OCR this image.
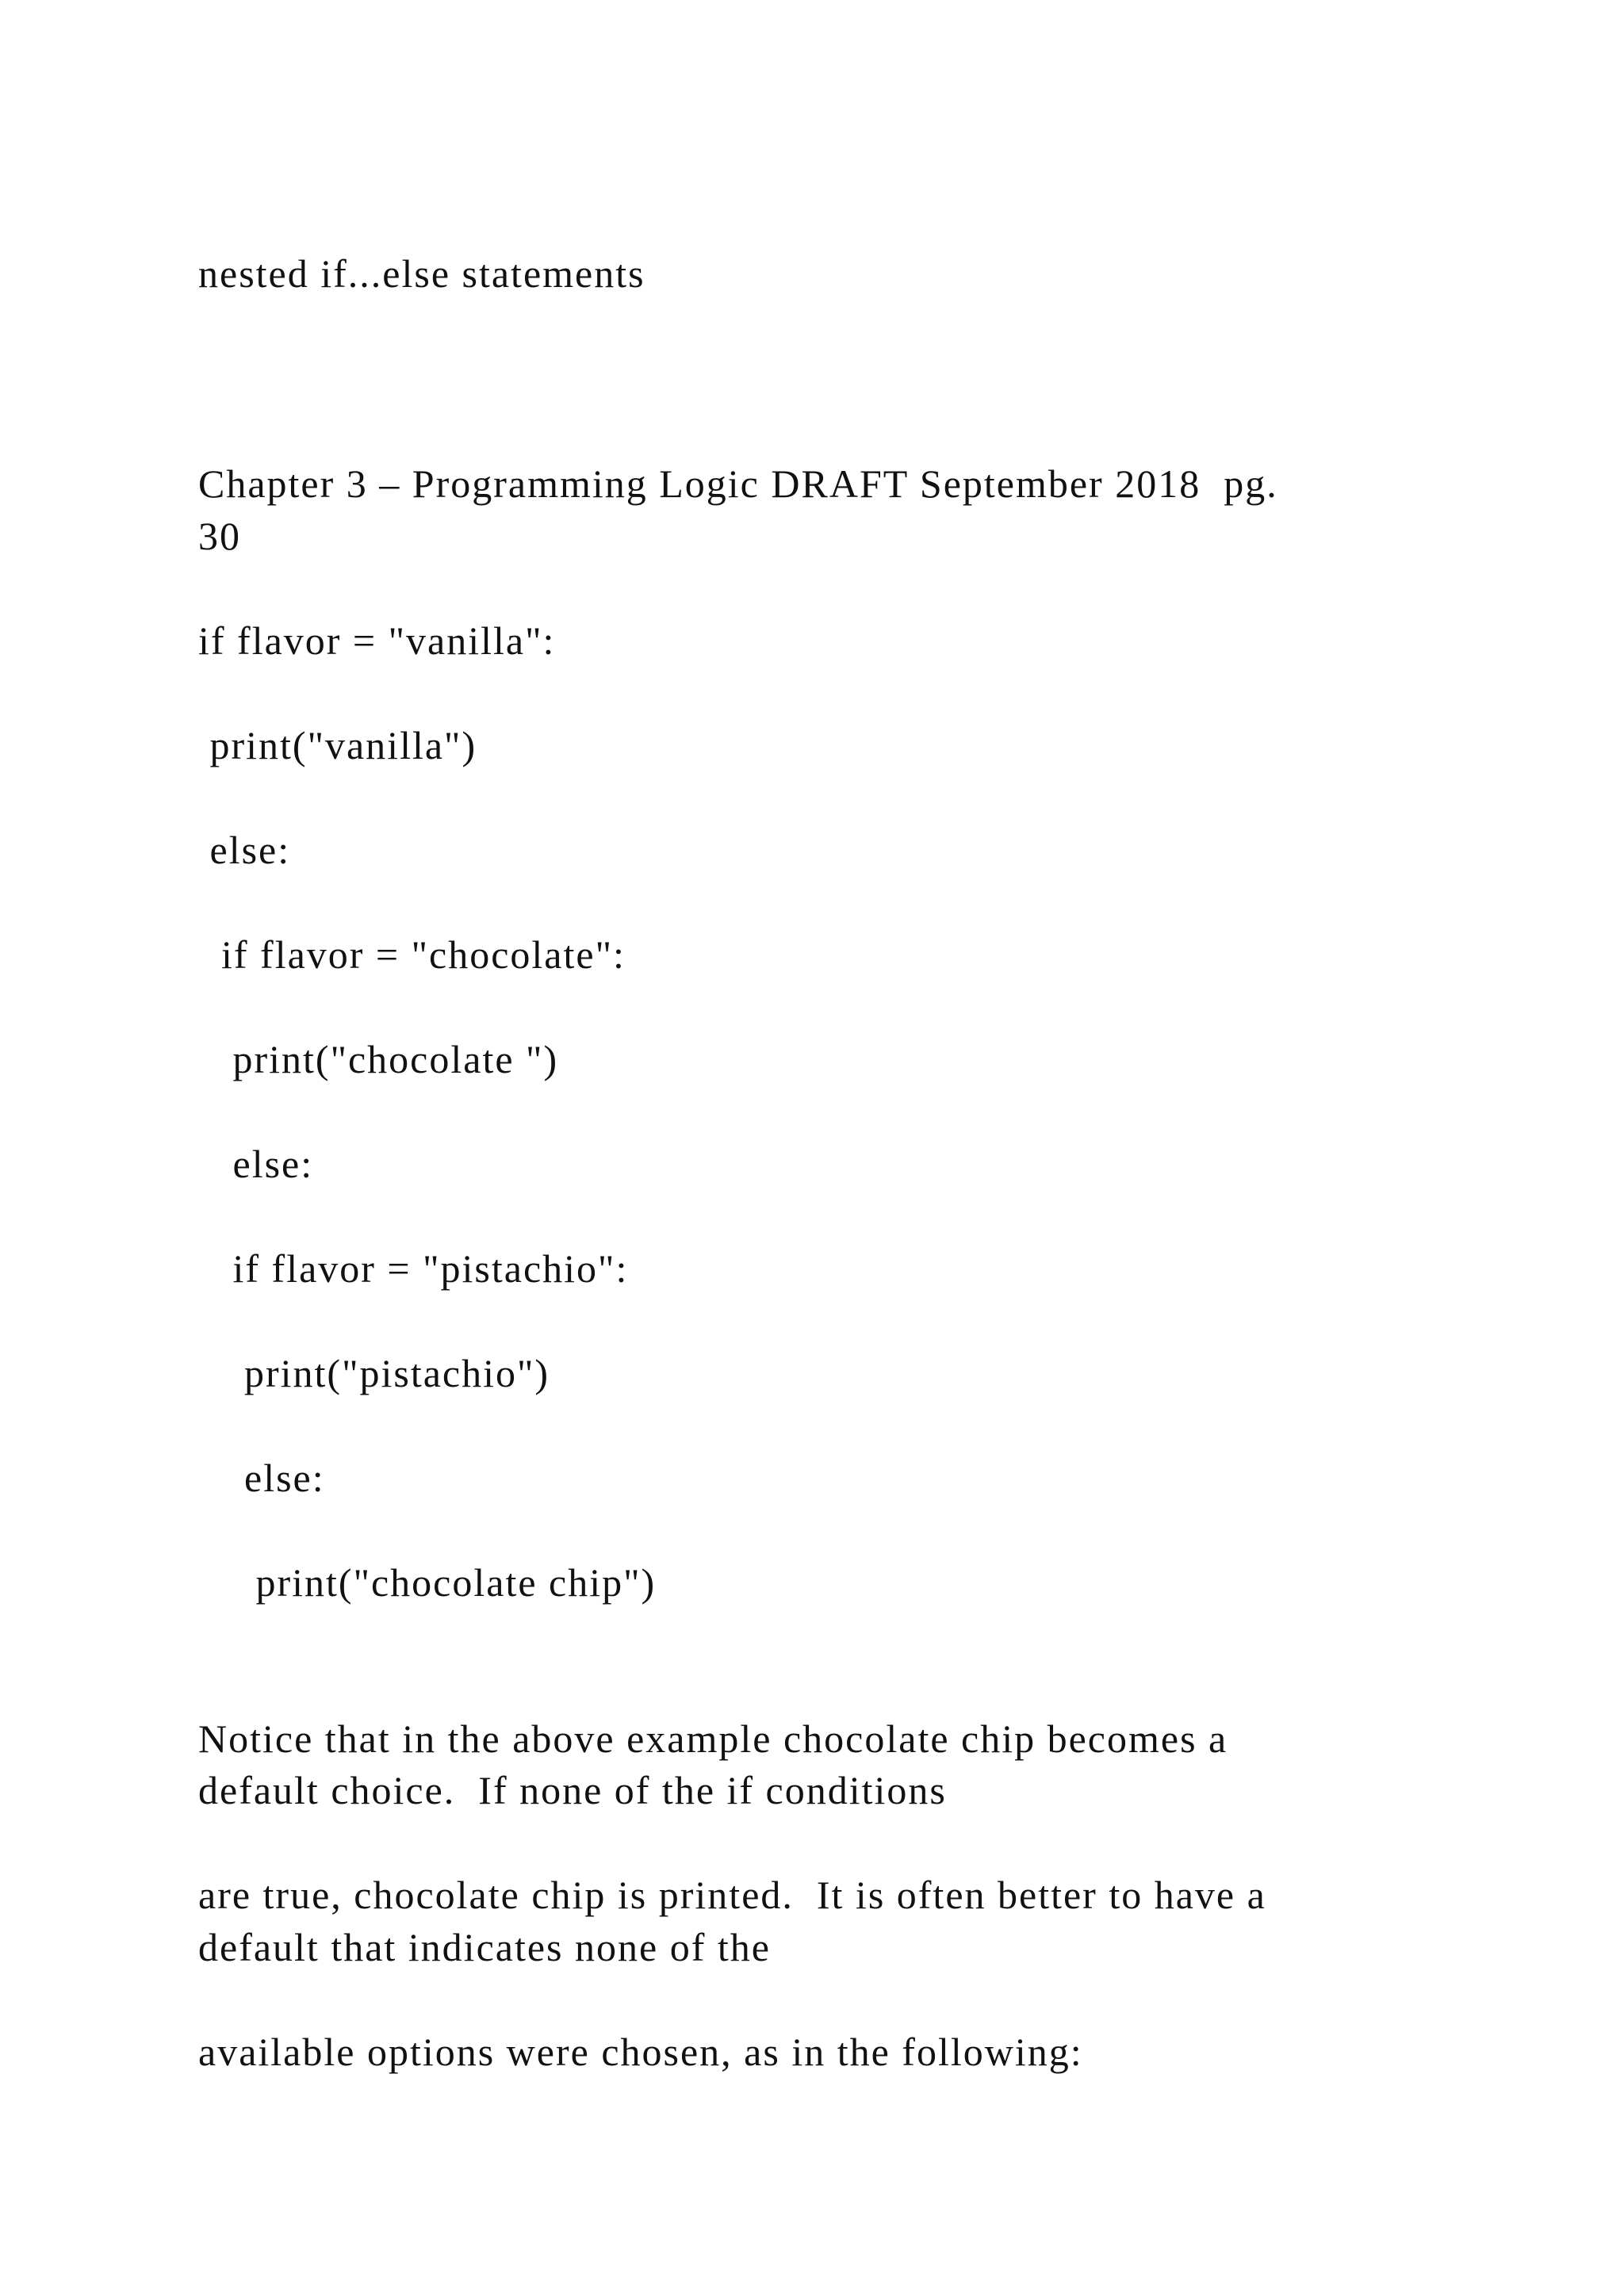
nested if...else statements

Chapter 3 – Programming Logic DRAFT September 2018  pg.

30

if flavor = "vanilla":

print("vanilla")

else:

if flavor = "chocolate":

print("chocolate ")

else:

if flavor = "pistachio":

print("pistachio")

else:

print("chocolate chip")

Notice that in the above example chocolate chip becomes a

default choice.  If none of the if conditions

are true, chocolate chip is printed.  It is often better to have a

default that indicates none of the

available options were chosen, as in the following:
